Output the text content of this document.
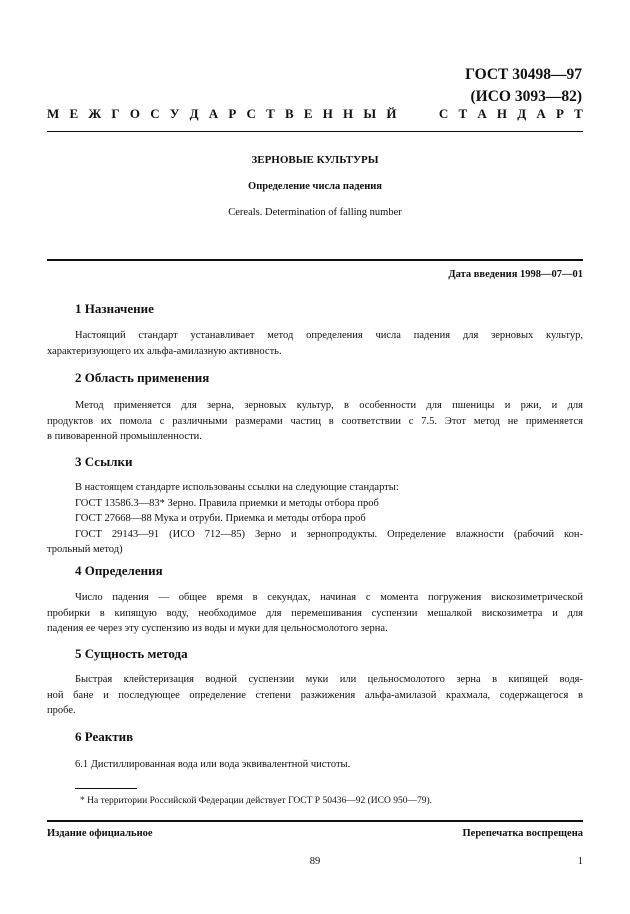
ГОСТ 30498—97
(ИСО 3093—82)
М Е Ж Г О С У Д А Р С Т В Е Н Н Ы Й	С Т А Н Д А Р Т
ЗЕРНОВЫЕ КУЛЬТУРЫ
Определение числа падения
Cereals. Determination of falling number
Дата введения 1998—07—01
1 Назначение
Настоящий стандарт устанавливает метод определения числа падения для зерновых культур,
характеризующего их альфа-амилазную активность.
2 Область применения
Метод применяется для зерна, зерновых культур, в особенности для пшеницы и ржи, и для
продуктов их помола с различными размерами частиц в соответствии с 7.5. Этот метод не применяется
в пивоваренной промышленности.
3 Ссылки
В настоящем стандарте использованы ссылки на следующие стандарты:
ГОСТ 13586.3—83* Зерно. Правила приемки и методы отбора проб
ГОСТ 27668—88 Мука и отруби. Приемка и методы отбора проб
ГОСТ 29143—91 (ИСО 712—85) Зерно и зернопродукты. Определение влажности (рабочий кон-
трольный метод)
4 Определения
Число падения — общее время в секундах, начиная с момента погружения вискозиметрической
пробирки в кипящую воду, необходимое для перемешивания суспензии мешалкой вискозиметра и для
падения ее через эту суспензию из воды и муки для цельносмолотого зерна.
5 Сущность метода
Быстрая клейстеризация водной суспензии муки или цельносмолотого зерна в кипящей водя-
ной бане и последующее определение степени разжижения альфа-амилазой крахмала, содержащегося в
пробе.
6 Реактив
6.1 Дистиллированная вода или вода эквивалентной чистоты.
* На территории Российской Федерации действует ГОСТ Р 50436—92 (ИСО 950—79).
Издание официальное	Перепечатка воспрещена
89	1
